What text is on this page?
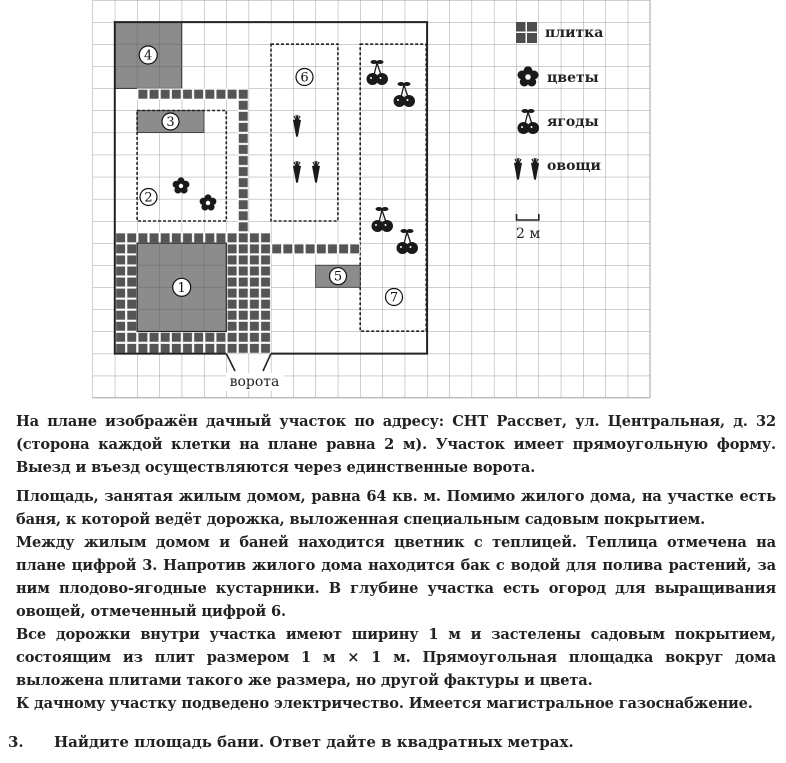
4
3
2
6
7
5
1
ворота
плитка
цветы
ягоды
овощи
2 м

На плане изображён дачный участок по адресу: СНТ Рассвет, ул. Центральная, д. 32 (сторона каждой клетки на плане равна 2 м). Участок имеет прямоугольную форму. Выезд и въезд осуществляются через единственные ворота.

Площадь, занятая жилым домом, равна 64 кв. м. Помимо жилого дома, на участке есть баня, к которой ведёт дорожка, выложенная специальным садовым покрытием.

Между жилым домом и баней находится цветник с теплицей. Теплица отмечена на плане цифрой 3. Напротив жилого дома находится бак с водой для полива растений, за ним плодово-ягодные кустарники. В глубине участка есть огород для выращивания овощей, отмеченный цифрой 6.

Все дорожки внутри участка имеют ширину 1 м и застелены садовым покрытием, состоящим из плит размером 1 м × 1 м. Прямоугольная площадка вокруг дома выложена плитами такого же размера, но другой фактуры и цвета.

К дачному участку подведено электричество. Имеется магистральное газоснабжение.

3. Найдите площадь бани. Ответ дайте в квадратных метрах.
